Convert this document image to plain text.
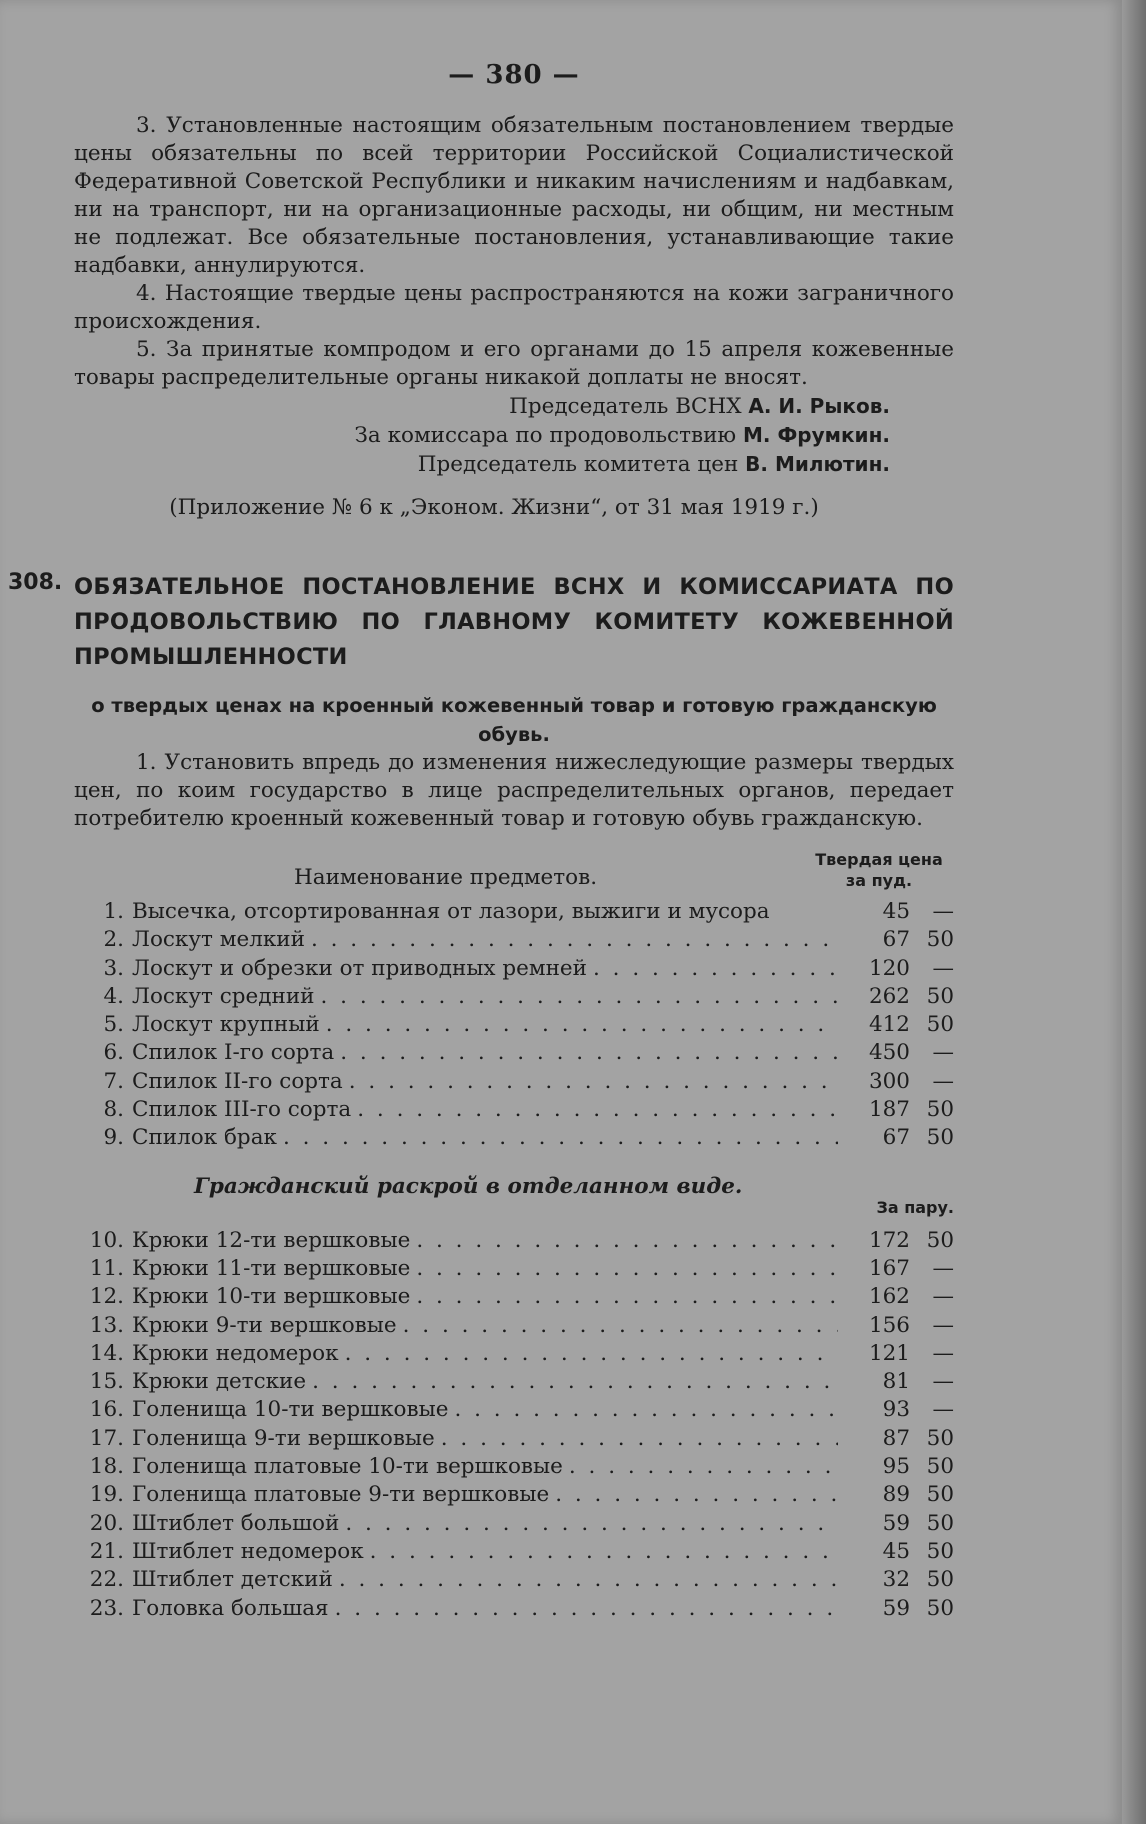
— 380 —

3. Установленные настоящим обязательным постановлением твердые цены обязательны по всей территории Российской Социалистической Федеративной Советской Республики и никаким начислениям и надбавкам, ни на транспорт, ни на организационные расходы, ни общим, ни местным не подлежат. Все обязательные постановления, устанавливающие такие надбавки, аннулируются.

4. Настоящие твердые цены распространяются на кожи заграничного происхождения.

5. За принятые компродом и его органами до 15 апреля кожевенные товары распределительные органы никакой доплаты не вносят.

Председатель ВСНХ А. И. Рыков.
За комиссара по продовольствию М. Фрумкин.
Председатель комитета цен В. Милютин.
(Приложение № 6 к „Эконом. Жизни“, от 31 мая 1919 г.)
308. ОБЯЗАТЕЛЬНОЕ ПОСТАНОВЛЕНИЕ ВСНХ И КОМИССАРИАТА ПО ПРОДОВОЛЬСТВИЮ ПО ГЛАВНОМУ КОМИТЕТУ КОЖЕВЕННОЙ ПРОМЫШЛЕННОСТИ
о твердых ценах на кроенный кожевенный товар и готовую гражданскую обувь.

1. Установить впредь до изменения нижеследующие размеры твердых цен, по коим государство в лице распределительных органов, передает потребителю кроенный кожевенный товар и готовую обувь гражданскую.

Наименование предметов.
Твердая цена
за пуд.
1. Высечка, отсортированная от лазори, выжиги и мусора	45	—
2. Лоскут мелкий . . .	67 50
3. Лоскут и обрезки от приводных ремней . . .	120	—
4. Лоскут средний . . .	262 50
5. Лоскут крупный . . .	412 50
6. Спилок I-го сорта . . .	450	—
7. Спилок II-го сорта . . .	300	—
8. Спилок III-го сорта . . .	187 50
9. Спилок брак . . .	67 50
Гражданский раскрой в отделанном виде.
За пару.
10. Крюки 12-ти вершковые . . .	172 50
11. Крюки 11-ти вершковые . . .	167	—
12. Крюки 10-ти вершковые . . .	162	—
13. Крюки 9-ти вершковые . . .	156	—
14. Крюки недомерок . . .	121	—
15. Крюки детские . . .	81	—
16. Голенища 10-ти вершковые . . .	93	—
17. Голенища 9-ти вершковые . . .	87 50
18. Голенища платовые 10-ти вершковые . . .	95 50
19. Голенища платовые 9-ти вершковые . . .	89 50
20. Штиблет большой . . .	59 50
21. Штиблет недомерок . . .	45 50
22. Штиблет детский . . .	32 50
23. Головка большая . . .	59 50
